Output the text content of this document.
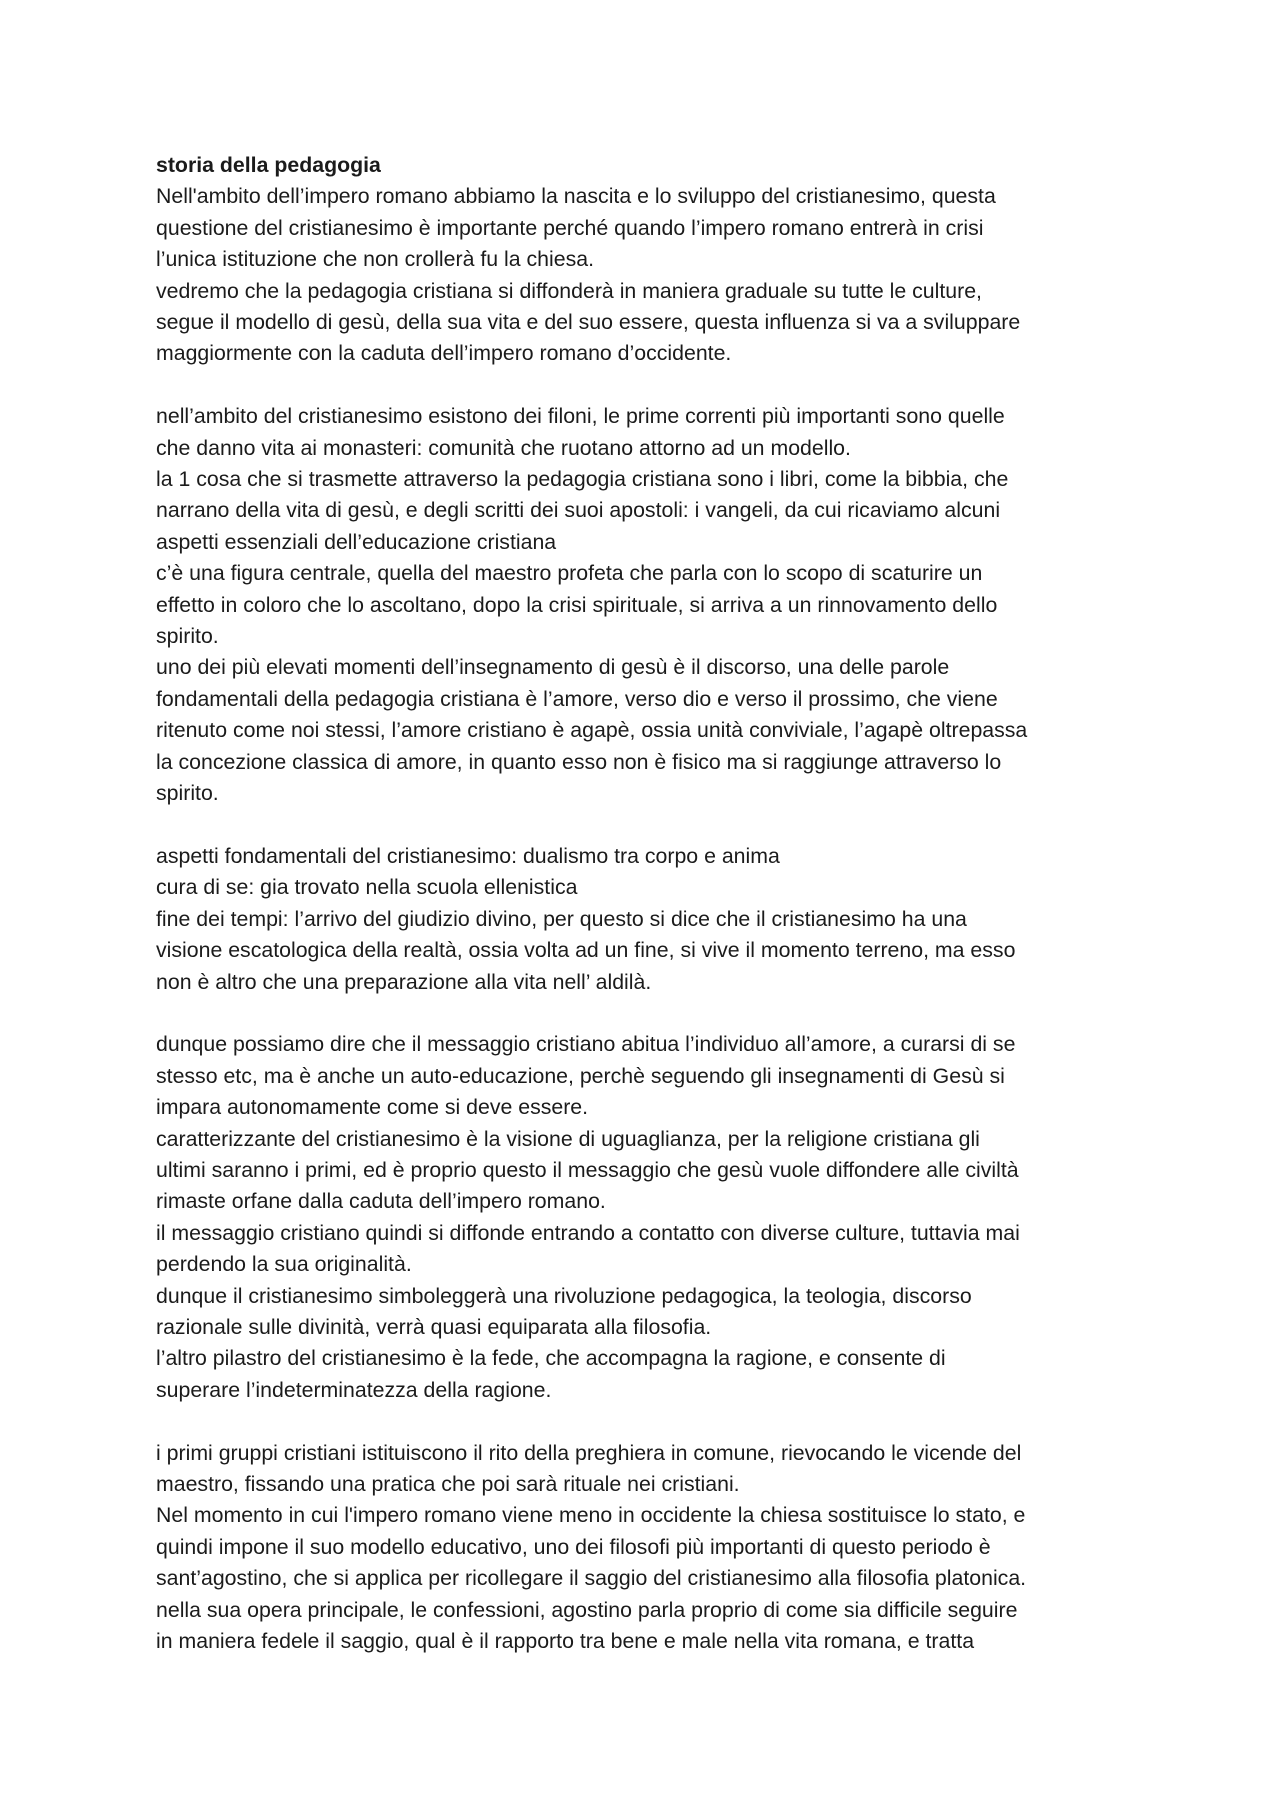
storia della pedagogia
Nell'ambito dell’impero romano abbiamo la nascita e lo sviluppo del cristianesimo, questa
questione del cristianesimo è importante perché quando l’impero romano entrerà in crisi
l’unica istituzione che non crollerà fu la chiesa.
vedremo che la pedagogia cristiana si diffonderà in maniera graduale su tutte le culture,
segue il modello di gesù, della sua vita e del suo essere, questa influenza si va a sviluppare
maggiormente con la caduta dell’impero romano d’occidente.
nell’ambito del cristianesimo esistono dei filoni, le prime correnti più importanti sono quelle
che danno vita ai monasteri: comunità che ruotano attorno ad un modello.
la 1 cosa che si trasmette attraverso la pedagogia cristiana sono i libri, come la bibbia, che
narrano della vita di gesù, e degli scritti dei suoi apostoli: i vangeli, da cui ricaviamo alcuni
aspetti essenziali dell’educazione cristiana
c’è una figura centrale, quella del maestro profeta che parla con lo scopo di scaturire un
effetto in coloro che lo ascoltano, dopo la crisi spirituale, si arriva a un rinnovamento dello
spirito.
uno dei più elevati momenti dell’insegnamento di gesù è il discorso, una delle parole
fondamentali della pedagogia cristiana è l’amore, verso dio e verso il prossimo, che viene
ritenuto come noi stessi, l’amore cristiano è agapè, ossia unità conviviale, l’agapè oltrepassa
la concezione classica di amore, in quanto esso non è fisico ma si raggiunge attraverso lo
spirito.
aspetti fondamentali del cristianesimo: dualismo tra corpo e anima
cura di se: gia trovato nella scuola ellenistica
fine dei tempi: l’arrivo del giudizio divino, per questo si dice che il cristianesimo ha una
visione escatologica della realtà, ossia volta ad un fine, si vive il momento terreno, ma esso
non è altro che una preparazione alla vita nell’ aldilà.
dunque possiamo dire che il messaggio cristiano abitua l’individuo all’amore, a curarsi di se
stesso etc, ma è anche un auto-educazione, perchè seguendo gli insegnamenti di Gesù si
impara autonomamente come si deve essere.
caratterizzante del cristianesimo è la visione di uguaglianza, per la religione cristiana gli
ultimi saranno i primi, ed è proprio questo il messaggio che gesù vuole diffondere alle civiltà
rimaste orfane dalla caduta dell’impero romano.
il messaggio cristiano quindi si diffonde entrando a contatto con diverse culture, tuttavia mai
perdendo la sua originalità.
dunque il cristianesimo simboleggerà una rivoluzione pedagogica, la teologia, discorso
razionale sulle divinità, verrà quasi equiparata alla filosofia.
l’altro pilastro del cristianesimo è la fede, che accompagna la ragione, e consente di
superare l’indeterminatezza della ragione.
i primi gruppi cristiani istituiscono il rito della preghiera in comune, rievocando le vicende del
maestro, fissando una pratica che poi sarà rituale nei cristiani.
Nel momento in cui l'impero romano viene meno in occidente la chiesa sostituisce lo stato, e
quindi impone il suo modello educativo, uno dei filosofi più importanti di questo periodo è
sant’agostino, che si applica per ricollegare il saggio del cristianesimo alla filosofia platonica.
nella sua opera principale, le confessioni, agostino parla proprio di come sia difficile seguire
in maniera fedele il saggio, qual è il rapporto tra bene e male nella vita romana, e tratta
